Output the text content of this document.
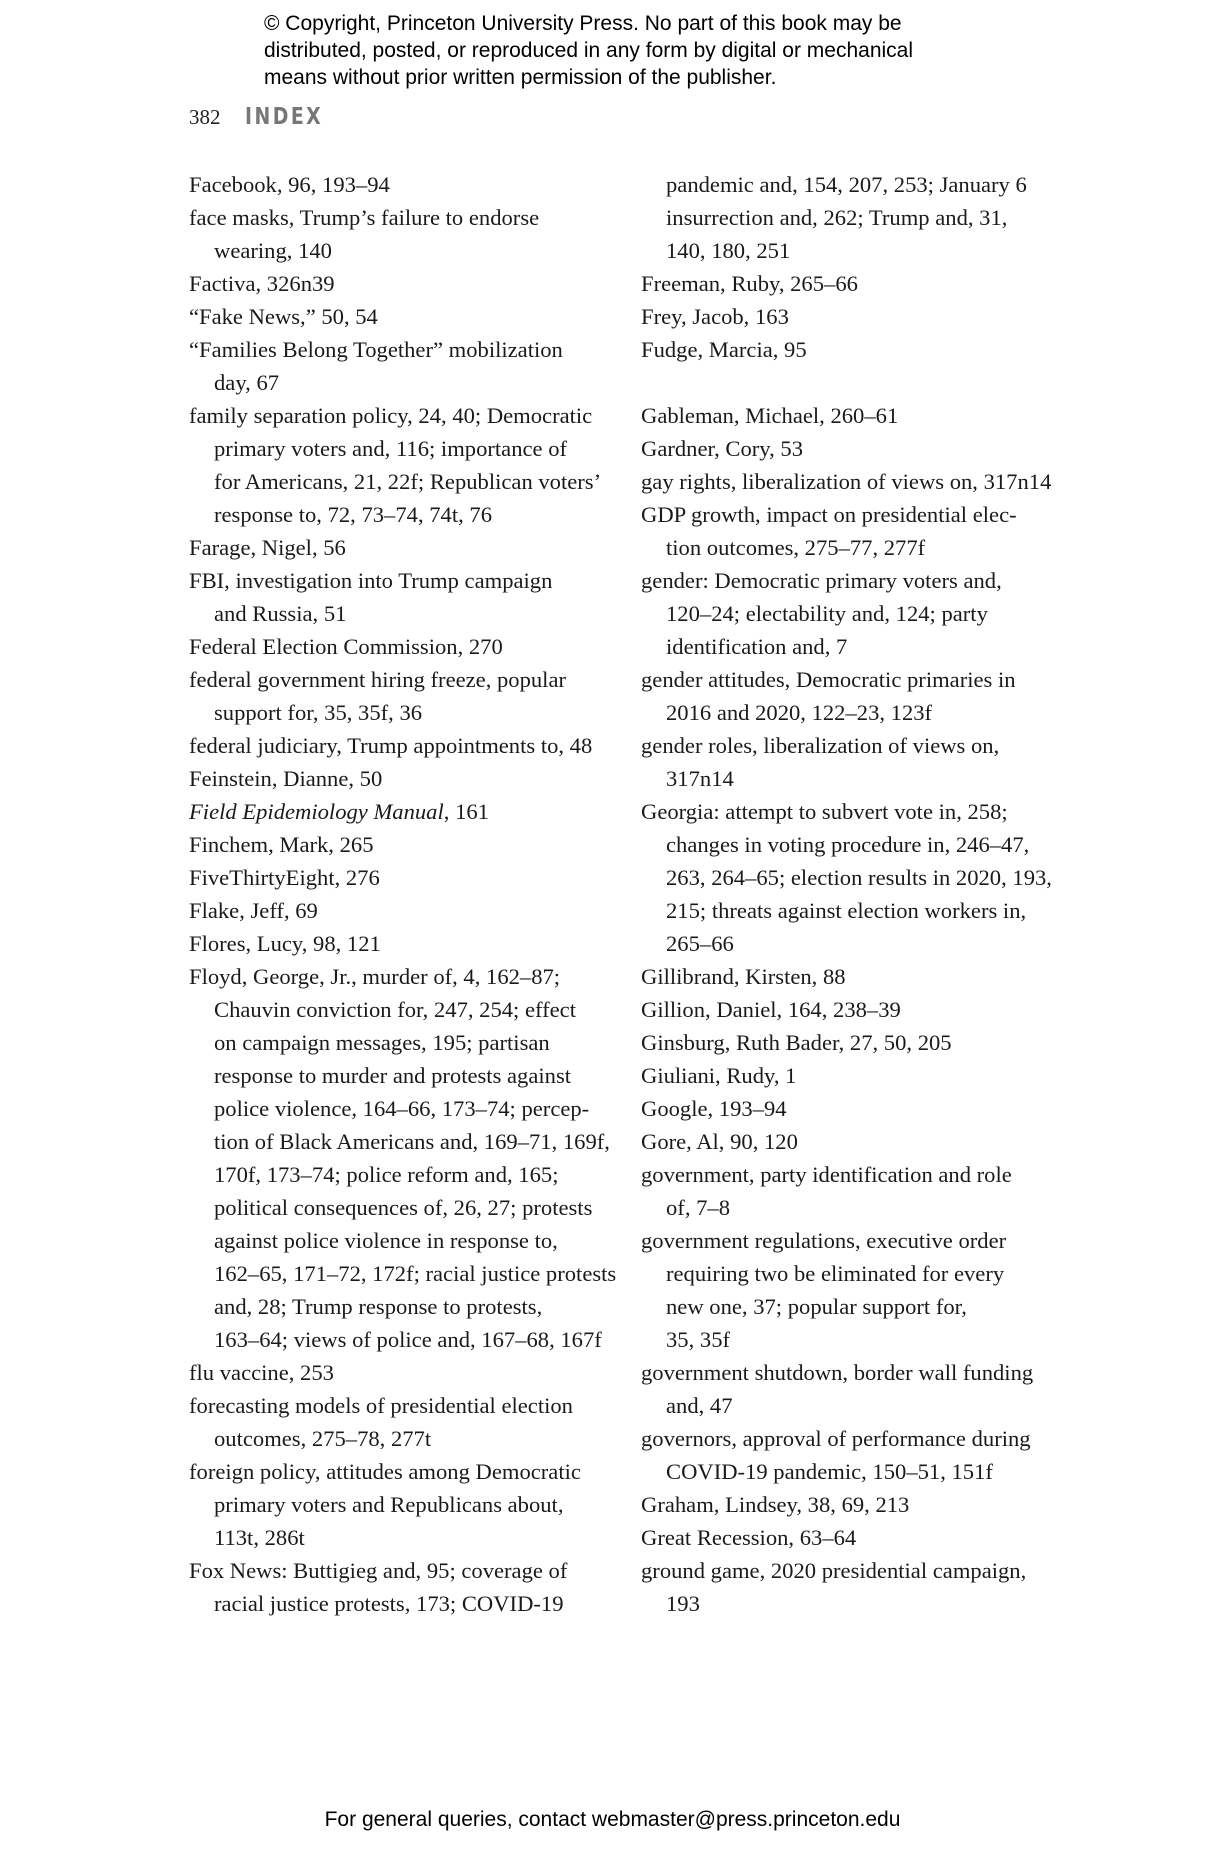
© Copyright, Princeton University Press. No part of this book may be
distributed, posted, or reproduced in any form by digital or mechanical
means without prior written permission of the publisher.
382 INDEX
Facebook, 96, 193–94
face masks, Trump’s failure to endorse
wearing, 140
Factiva, 326n39
“Fake News,” 50, 54
“Families Belong Together” mobilization
day, 67
family separation policy, 24, 40; Democratic
primary voters and, 116; importance of
for Americans, 21, 22f; Republican voters’
response to, 72, 73–74, 74t, 76
Farage, Nigel, 56
FBI, investigation into Trump campaign
and Russia, 51
Federal Election Commission, 270
federal government hiring freeze, popular
support for, 35, 35f, 36
federal judiciary, Trump appointments to, 48
Feinstein, Dianne, 50
Field Epidemiology Manual, 161
Finchem, Mark, 265
FiveThirtyEight, 276
Flake, Jeff, 69
Flores, Lucy, 98, 121
Floyd, George, Jr., murder of, 4, 162–87;
Chauvin conviction for, 247, 254; effect
on campaign messages, 195; partisan
response to murder and protests against
police violence, 164–66, 173–74; percep-
tion of Black Americans and, 169–71, 169f,
170f, 173–74; police reform and, 165;
political consequences of, 26, 27; protests
against police violence in response to,
162–65, 171–72, 172f; racial justice protests
and, 28; Trump response to protests,
163–64; views of police and, 167–68, 167f
flu vaccine, 253
forecasting models of presidential election
outcomes, 275–78, 277t
foreign policy, attitudes among Democratic
primary voters and Republicans about,
113t, 286t
Fox News: Buttigieg and, 95; coverage of
racial justice protests, 173; COVID-19
pandemic and, 154, 207, 253; January 6
insurrection and, 262; Trump and, 31,
140, 180, 251
Freeman, Ruby, 265–66
Frey, Jacob, 163
Fudge, Marcia, 95
Gableman, Michael, 260–61
Gardner, Cory, 53
gay rights, liberalization of views on, 317n14
GDP growth, impact on presidential elec-
tion outcomes, 275–77, 277f
gender: Democratic primary voters and,
120–24; electability and, 124; party
identification and, 7
gender attitudes, Democratic primaries in
2016 and 2020, 122–23, 123f
gender roles, liberalization of views on,
317n14
Georgia: attempt to subvert vote in, 258;
changes in voting procedure in, 246–47,
263, 264–65; election results in 2020, 193,
215; threats against election workers in,
265–66
Gillibrand, Kirsten, 88
Gillion, Daniel, 164, 238–39
Ginsburg, Ruth Bader, 27, 50, 205
Giuliani, Rudy, 1
Google, 193–94
Gore, Al, 90, 120
government, party identification and role
of, 7–8
government regulations, executive order
requiring two be eliminated for every
new one, 37; popular support for,
35, 35f
government shutdown, border wall funding
and, 47
governors, approval of performance during
COVID-19 pandemic, 150–51, 151f
Graham, Lindsey, 38, 69, 213
Great Recession, 63–64
ground game, 2020 presidential campaign,
193
For general queries, contact webmaster@press.princeton.edu
